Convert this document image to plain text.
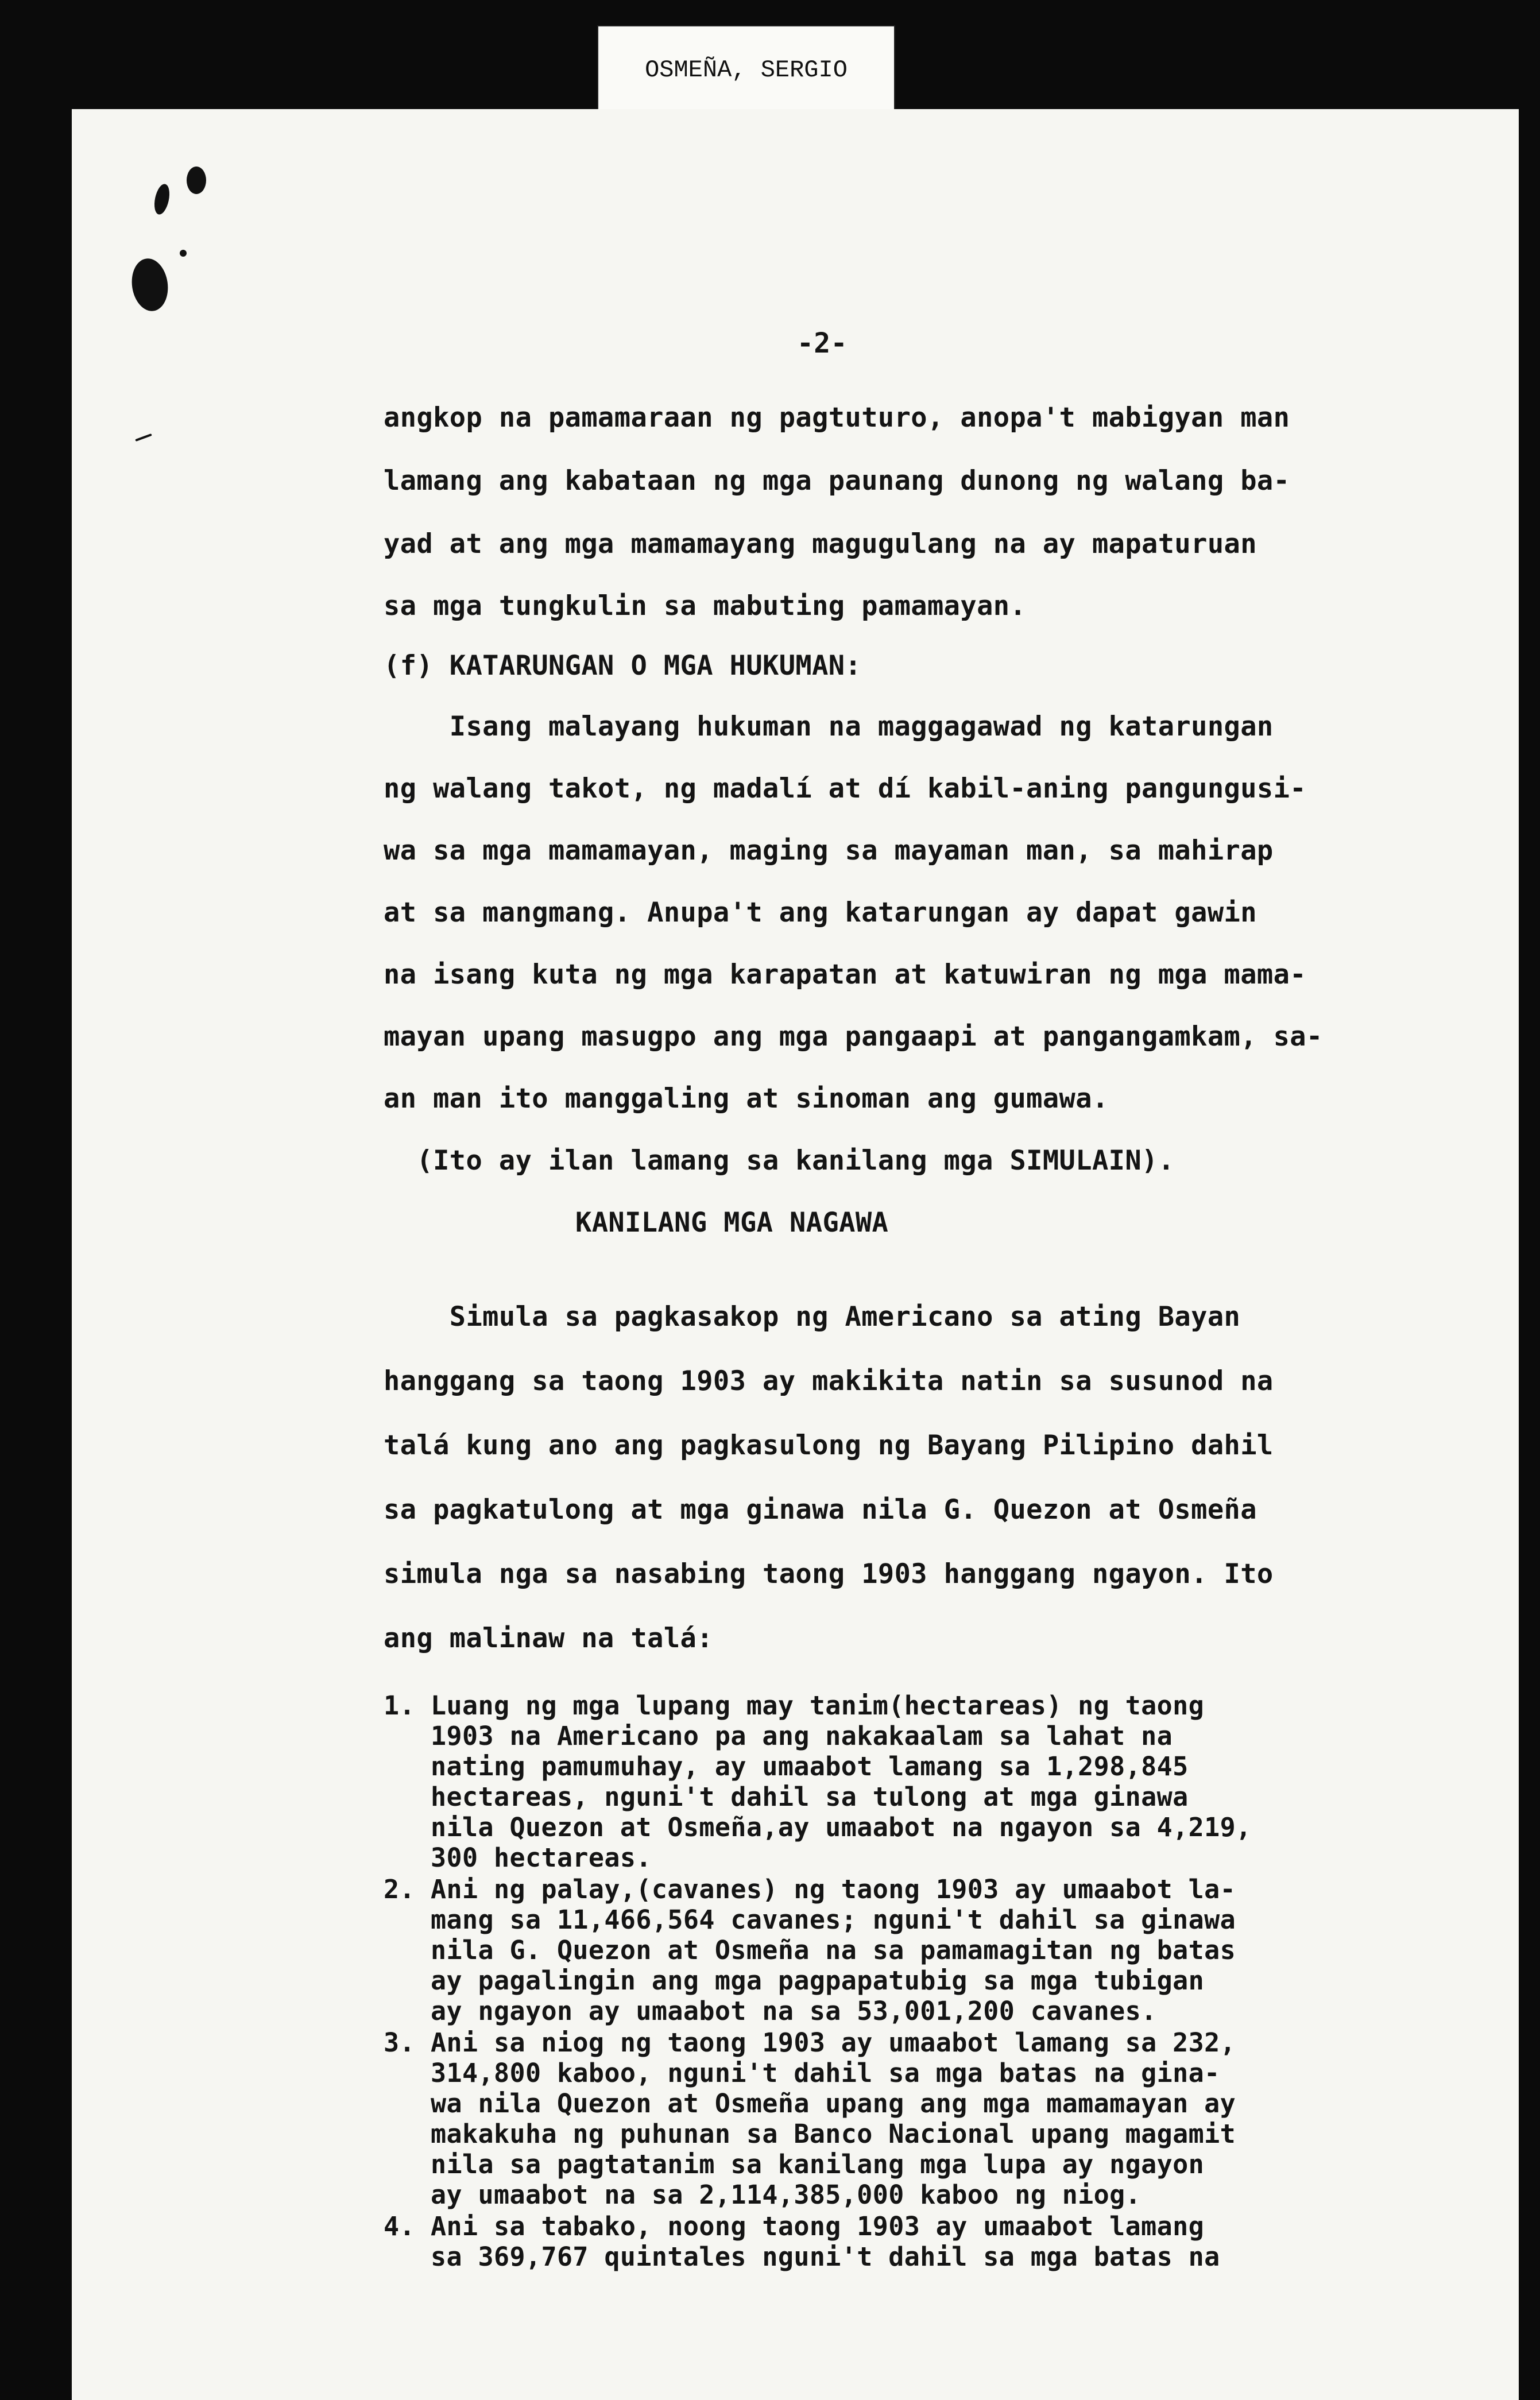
OSMEÑA, SERGIO
-2-
angkop na pamamaraan ng pagtuturo, anopa't mabigyan man
lamang ang kabataan ng mga paunang dunong ng walang ba-
yad at ang mga mamamayang magugulang na ay mapaturuan
sa mga tungkulin sa mabuting pamamayan.
(f) KATARUNGAN O MGA HUKUMAN:
Isang malayang hukuman na maggagawad ng katarungan
ng walang takot, ng madalí at dí kabil-aning pangungusi-
wa sa mga mamamayan, maging sa mayaman man, sa mahirap
at sa mangmang. Anupa't ang katarungan ay dapat gawin
na isang kuta ng mga karapatan at katuwiran ng mga mama-
mayan upang masugpo ang mga pangaapi at pangangamkam, sa-
an man ito manggaling at sinoman ang gumawa.
(Ito ay ilan lamang sa kanilang mga SIMULAIN).
KANILANG MGA NAGAWA
Simula sa pagkasakop ng Americano sa ating Bayan
hanggang sa taong 1903 ay makikita natin sa susunod na
talá kung ano ang pagkasulong ng Bayang Pilipino dahil
sa pagkatulong at mga ginawa nila G. Quezon at Osmeña
simula nga sa nasabing taong 1903 hanggang ngayon. Ito
ang malinaw na talá:
1. Luang ng mga lupang may tanim(hectareas) ng taong
1903 na Americano pa ang nakakaalam sa lahat na
nating pamumuhay, ay umaabot lamang sa 1,298,845
hectareas, nguni't dahil sa tulong at mga ginawa
nila Quezon at Osmeña,ay umaabot na ngayon sa 4,219,
300 hectareas.
2. Ani ng palay,(cavanes) ng taong 1903 ay umaabot la-
mang sa 11,466,564 cavanes; nguni't dahil sa ginawa
nila G. Quezon at Osmeña na sa pamamagitan ng batas
ay pagalingin ang mga pagpapatubig sa mga tubigan
ay ngayon ay umaabot na sa 53,001,200 cavanes.
3. Ani sa niog ng taong 1903 ay umaabot lamang sa 232,
314,800 kaboo, nguni't dahil sa mga batas na gina-
wa nila Quezon at Osmeña upang ang mga mamamayan ay
makakuha ng puhunan sa Banco Nacional upang magamit
nila sa pagtatanim sa kanilang mga lupa ay ngayon
ay umaabot na sa 2,114,385,000 kaboo ng niog.
4. Ani sa tabako, noong taong 1903 ay umaabot lamang
sa 369,767 quintales nguni't dahil sa mga batas na
